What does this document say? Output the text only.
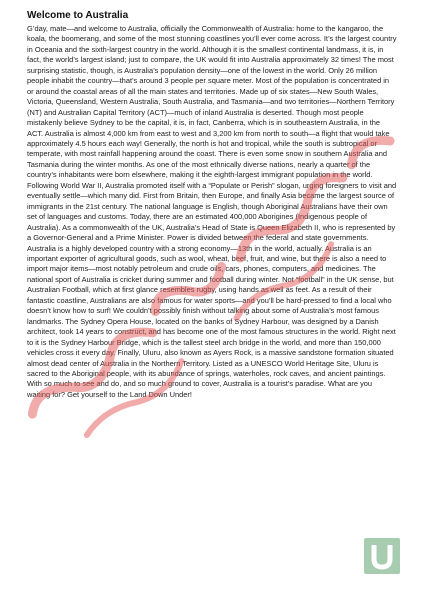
Welcome to Australia

G’day, mate—and welcome to Australia, officially the Commonwealth of Australia: home to the kangaroo, the koala, the boomerang, and some of the most stunning coastlines you’ll ever come across. It’s the largest country in Oceania and the sixth-largest country in the world. Although it is the smallest continental landmass, it is, in fact, the world’s largest island; just to compare, the UK would fit into Australia approximately 32 times! The most surprising statistic, though, is Australia’s population density—one of the lowest in the world. Only 26 million people inhabit the country—that’s around 3 people per square meter. Most of the population is concentrated in or around the coastal areas of all the main states and territories. Made up of six states—New South Wales, Victoria, Queensland, Western Australia, South Australia, and Tasmania—and two territories—Northern Territory (NT) and Australian Capital Territory (ACT)—much of inland Australia is deserted. Though most people mistakenly believe Sydney to be the capital, it is, in fact, Canberra, which is in southeastern Australia, in the ACT. Australia is almost 4,000 km from east to west and 3,200 km from north to south—a flight that would take approximately 4.5 hours each way! Generally, the north is hot and tropical, while the south is subtropical or temperate, with most rainfall happening around the coast. There is even some snow in southern Australia and Tasmania during the winter months. As one of the most ethnically diverse nations, nearly a quarter of the country’s inhabitants were born elsewhere, making it the eighth-largest immigrant population in the world. Following World War II, Australia promoted itself with a “Populate or Perish” slogan, urging foreigners to visit and eventually settle—which many did. First from Britain, then Europe, and finally Asia became the largest source of immigrants in the 21st century. The national language is English, though Aboriginal Australians have their own set of languages and customs. Today, there are an estimated 400,000 Aborigines (Indigenous people of Australia). As a commonwealth of the UK, Australia’s Head of State is Queen Elizabeth II, who is represented by a Governor-General and a Prime Minister. Power is divided between the federal and state governments. Australia is a highly developed country with a strong economy—13th in the world, actually. Australia is an important exporter of agricultural goods, such as wool, wheat, beef, fruit, and wine, but there is also a need to import major items—most notably petroleum and crude oils, cars, phones, computers, and medicines. The national sport of Australia is cricket during summer and football during winter. Not “football” in the UK sense, but Australian Football, which at first glance resembles rugby, using hands as well as feet. As a result of their fantastic coastline, Australians are also famous for water sports—and you’ll be hard-pressed to find a local who doesn’t know how to surf! We couldn’t possibly finish without talking about some of Australia’s most famous landmarks. The Sydney Opera House, located on the banks of Sydney Harbour, was designed by a Danish architect, took 14 years to construct, and has become one of the most famous structures in the world. Right next to it is the Sydney Harbour Bridge, which is the tallest steel arch bridge in the world, and more than 150,000 vehicles cross it every day. Finally, Uluru, also known as Ayers Rock, is a massive sandstone formation situated almost dead center of Australia in the Northern Territory. Listed as a UNESCO World Heritage Site, Uluru is sacred to the Aboriginal people, with its abundance of springs, waterholes, rock caves, and ancient paintings. With so much to see and do, and so much ground to cover, Australia is a tourist’s paradise. What are you waiting for? Get yourself to the Land Down Under!
